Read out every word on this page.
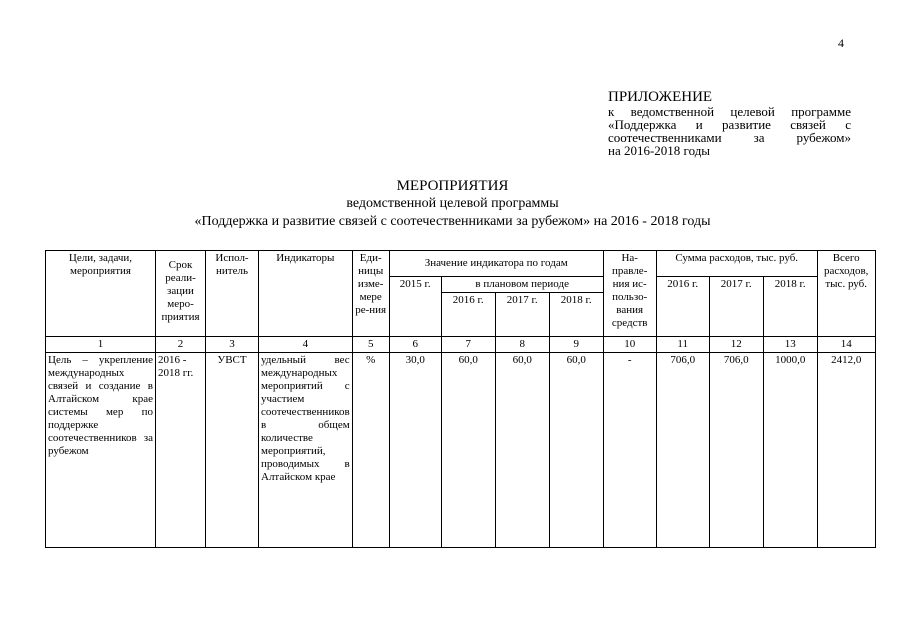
4
ПРИЛОЖЕНИЕ
к ведомственной целевой программе
«Поддержка и развитие связей с
соотечественниками за рубежом»
на 2016-2018 годы
МЕРОПРИЯТИЯ
ведомственной целевой программы
«Поддержка и развитие связей с соотечественниками за рубежом» на 2016 - 2018 годы
Цели, задачи, мероприятия	Срок реали-зации меро-приятия	Испол-нитель	Индикаторы	Еди-ницы изме-мере ре-ния	Значение индикатора по годам				На-правле-ния ис-пользо-вания средств	Сумма расходов, тыс. руб.			Всего расходов, тыс. руб.
					2015 г.	в плановом периоде				2016 г.	2017 г.	2018 г.	
						2016 г.	2017 г.	2018 г.					
1	2	3	4	5	6	7	8	9	10	11	12	13	14
Цель – укрепление международных связей и создание в Алтайском крае системы мер по поддержке соотечественников за рубежом	2016 - 2018 гг.	УВСТ	удельный вес международных мероприятий с участием соотечественников в общем количестве мероприятий, проводимых в Алтайском крае	%	30,0	60,0	60,0	60,0	-	706,0	706,0	1000,0	2412,0
